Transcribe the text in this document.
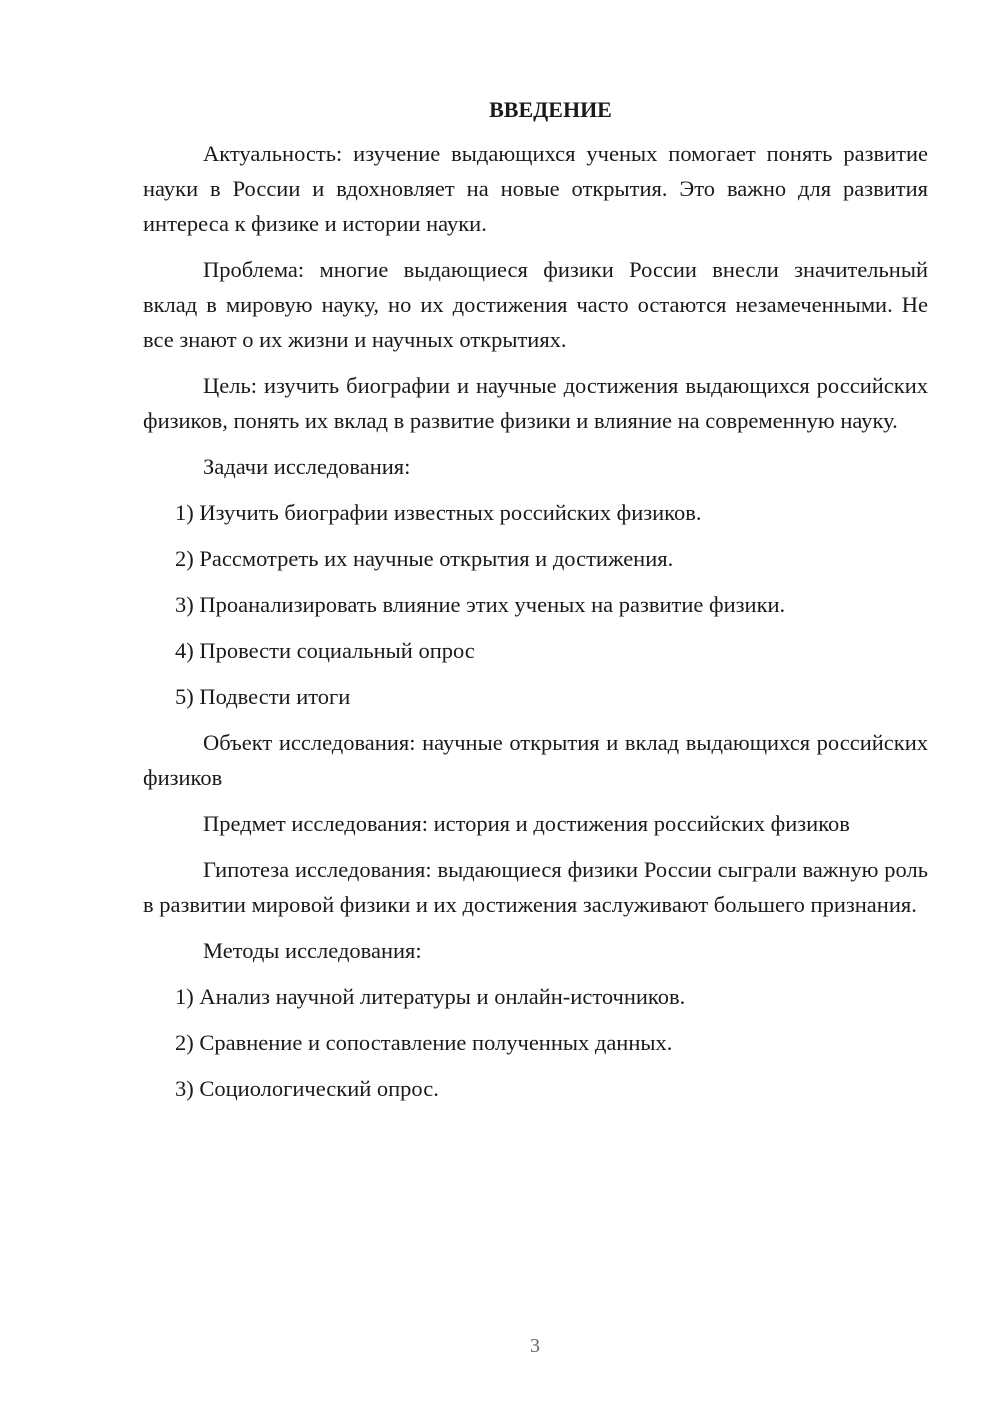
ВВЕДЕНИЕ
Актуальность: изучение выдающихся ученых помогает понять развитие науки в России и вдохновляет на новые открытия. Это важно для развития интереса к физике и истории науки.
Проблема: многие выдающиеся физики России внесли значительный вклад в мировую науку, но их достижения часто остаются незамеченными. Не все знают о их жизни и научных открытиях.
Цель: изучить биографии и научные достижения выдающихся российских физиков, понять их вклад в развитие физики и влияние на современную науку.
Задачи исследования:
1) Изучить биографии известных российских физиков.
2) Рассмотреть их научные открытия и достижения.
3) Проанализировать влияние этих ученых на развитие физики.
4) Провести социальный опрос
5) Подвести итоги
Объект исследования: научные открытия и вклад выдающихся российских физиков
Предмет исследования: история и достижения российских физиков
Гипотеза исследования: выдающиеся физики России сыграли важную роль в развитии мировой физики и их достижения заслуживают большего признания.
Методы исследования:
1) Анализ научной литературы и онлайн-источников.
2) Сравнение и сопоставление полученных данных.
3) Социологический опрос.
3
